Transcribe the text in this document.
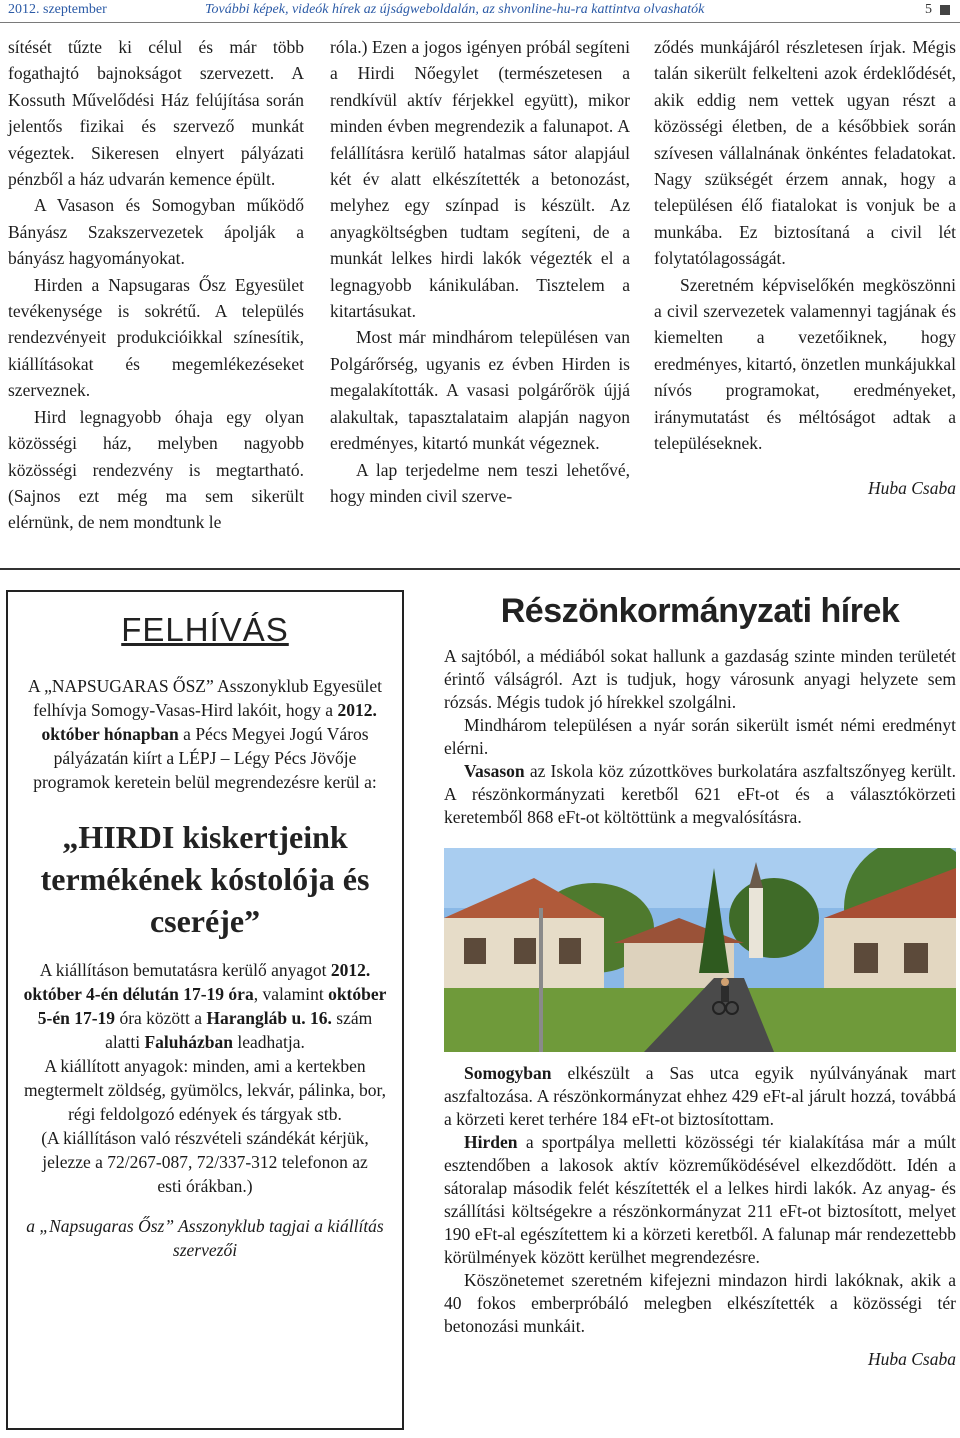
2012. szeptember	További képek, videók hírek az újságweboldalán, az shvonline-hu-ra kattintva olvashatók	5

sítését tűzte ki célul és már több fogathajtó bajnokságot szervezett. A Kossuth Művelődési Ház felújítása során jelentős fizikai és szervező munkát végeztek. Sikeresen elnyert pályázati pénzből a ház udvarán kemence épült.

A Vasason és Somogyban működő Bányász Szakszervezetek ápolják a bányász hagyományokat.

Hirden a Napsugaras Ősz Egyesület tevékenysége is sokrétű. A település rendezvényeit produkcióikkal színesítik, kiállításokat és megemlékezéseket szerveznek.

Hird legnagyobb óhaja egy olyan közösségi ház, melyben nagyobb közösségi rendezvény is megtartható. (Sajnos ezt még ma sem sikerült elérnünk, de nem mondtunk le

róla.) Ezen a jogos igényen próbál segíteni a Hirdi Nőegylet (természetesen a rendkívül aktív férjekkel együtt), mikor minden évben megrendezik a falunapot. A felállításra kerülő hatalmas sátor alapjául két év alatt elkészítették a betonozást, melyhez egy színpad is készült. Az anyagköltségben tudtam segíteni, de a munkát lelkes hirdi lakók végezték el a legnagyobb kánikulában. Tisztelem a kitartásukat.

Most már mindhárom településen van Polgárőrség, ugyanis ez évben Hirden is megalakították. A vasasi polgárőrök újjá alakultak, tapasztalataim alapján nagyon eredményes, kitartó munkát végeznek.

A lap terjedelme nem teszi lehetővé, hogy minden civil szerve-

ződés munkájáról részletesen írjak. Mégis talán sikerült felkelteni azok érdeklődését, akik eddig nem vettek ugyan részt a közösségi életben, de a későbbiek során szívesen vállalnának önkéntes feladatokat. Nagy szükségét érzem annak, hogy a településen élő fiatalokat is vonjuk be a munkába. Ez biztosítaná a civil lét folytatólagosságát.

Szeretném képviselőkén megköszönni a civil szervezetek valamennyi tagjának és kiemelten a vezetőiknek, hogy eredményes, kitartó, önzetlen munkájukkal nívós programokat, eredményeket, iránymutatást és méltóságot adtak a településeknek.

Huba Csaba

FELHÍVÁS

A „NAPSUGARAS ŐSZ” Asszonyklub Egyesület felhívja Somogy-Vasas-Hird lakóit, hogy a 2012. október hónapban a Pécs Megyei Jogú Város pályázatán kiírt a LÉPJ – Légy Pécs Jövője programok keretein belül megrendezésre kerül a:

„HIRDI kiskertjeink termékének kóstolója és cseréje”

A kiállításon bemutatásra kerülő anyagot 2012. október 4-én délután 17-19 óra, valamint október 5-én 17-19 óra között a Harangláb u. 16. szám alatti Faluházban leadhatja.

A kiállított anyagok: minden, ami a kertekben megtermelt zöldség, gyümölcs, lekvár, pálinka, bor, régi feldolgozó edények és tárgyak stb.

(A kiállításon való részvételi szándékát kérjük, jelezze a 72/267-087, 72/337-312 telefonon az esti órákban.)

a „Napsugaras Ősz” Asszonyklub tagjai a kiállítás szervezői

Részönkormányzati hírek

A sajtóból, a médiából sokat hallunk a gazdaság szinte minden területét érintő válságról. Azt is tudjuk, hogy városunk anyagi helyzete sem rózsás. Mégis tudok jó hírekkel szolgálni.

Mindhárom településen a nyár során sikerült ismét némi eredményt elérni.

Vasason az Iskola köz zúzottköves burkolatára aszfaltszőnyeg került. A részönkormányzati keretből 621 eFt-ot és a választókörzeti keretemből 868 eFt-ot költöttünk a megvalósításra.

Somogyban elkészült a Sas utca egyik nyúlványának mart aszfaltozása. A részönkormányzat ehhez 429 eFt-al járult hozzá, továbbá a körzeti keret terhére 184 eFt-ot biztosítottam.

Hirden a sportpálya melletti közösségi tér kialakítása már a múlt esztendőben a lakosok aktív közreműködésével elkezdődött. Idén a sátoralap második felét készítették el a lelkes hirdi lakók. Az anyag- és szállítási költségekre a részönkormányzat 211 eFt-ot biztosított, melyet 190 eFt-al egészítettem ki a körzeti keretből. A falunap már rendezettebb körülmények között kerülhet megrendezésre.

Köszönetemet szeretném kifejezni mindazon hirdi lakóknak, akik a 40 fokos emberpróbáló melegben elkészítették a közösségi tér betonozási munkáit.

Huba Csaba
